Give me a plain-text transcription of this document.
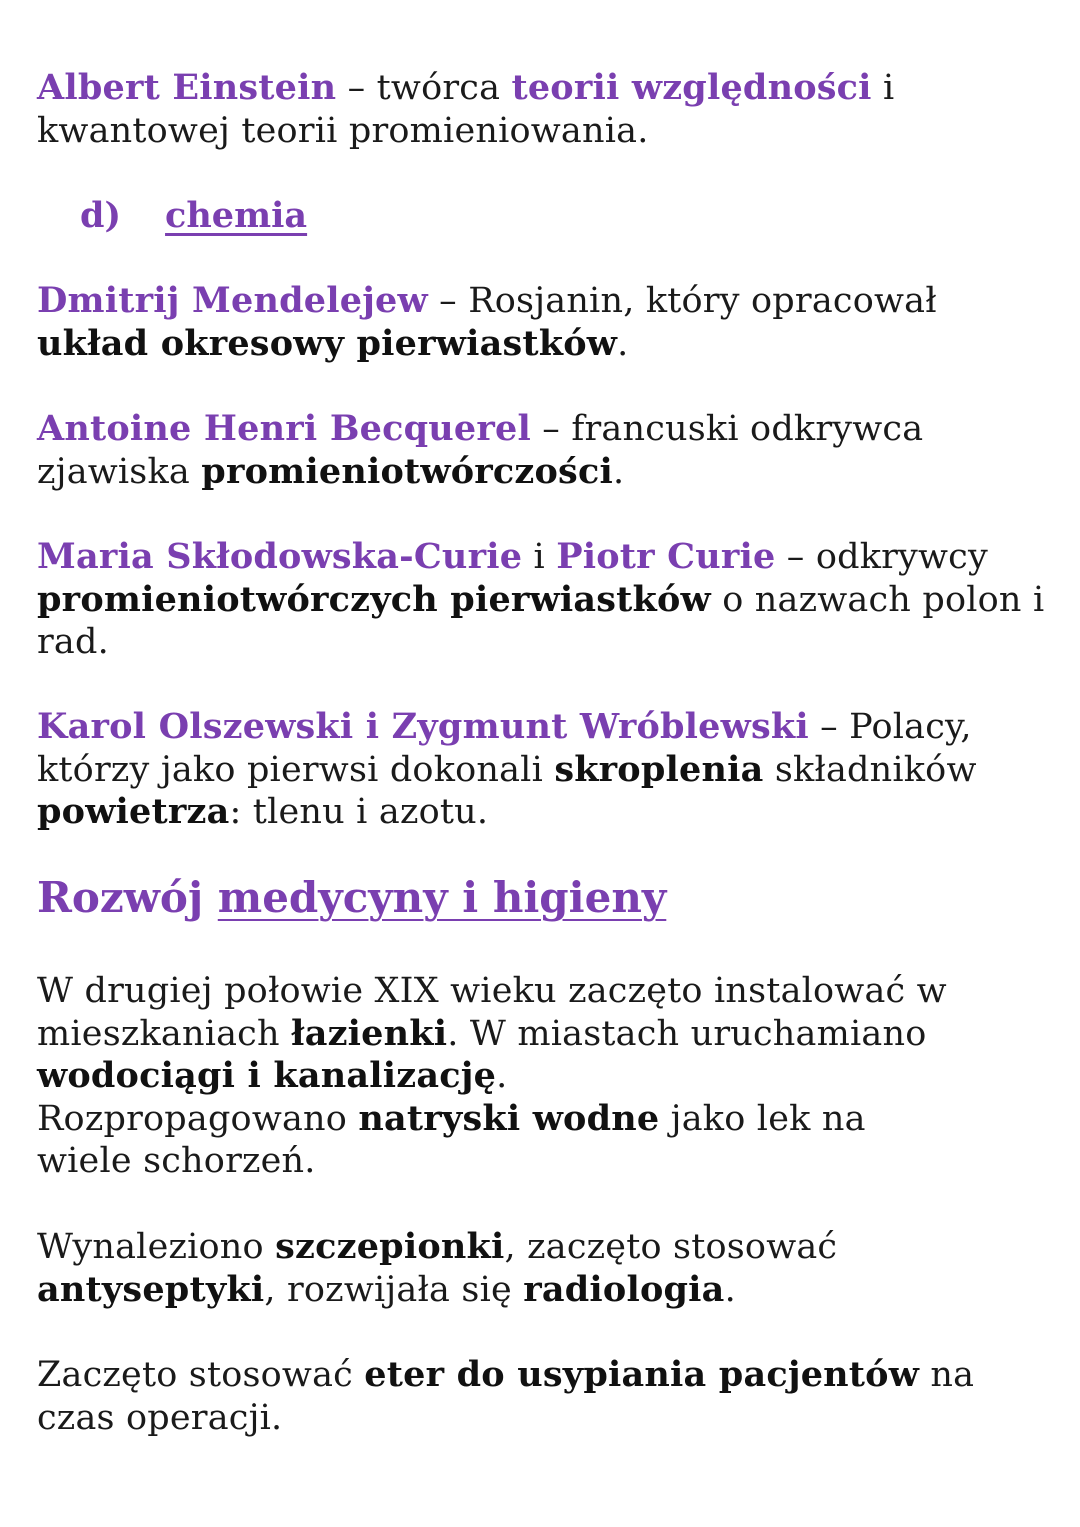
Albert Einstein – twórca teorii względności i kwantowej teorii promieniowania.

d) chemia

Dmitrij Mendelejew – Rosjanin, który opracował układ okresowy pierwiastków.

Antoine Henri Becquerel – francuski odkrywca zjawiska promieniotwórczości.

Maria Skłodowska-Curie i Piotr Curie – odkrywcy promieniotwórczych pierwiastków o nazwach polon i rad.

Karol Olszewski i Zygmunt Wróblewski – Polacy, którzy jako pierwsi dokonali skroplenia składników powietrza: tlenu i azotu.

Rozwój medycyny i higieny

W drugiej połowie XIX wieku zaczęto instalować w mieszkaniach łazienki. W miastach uruchamiano wodociągi i kanalizację.
Rozpropagowano natryski wodne jako lek na wiele schorzeń.

Wynaleziono szczepionki, zaczęto stosować antyseptyki, rozwijała się radiologia.

Zaczęto stosować eter do usypiania pacjentów na czas operacji.
